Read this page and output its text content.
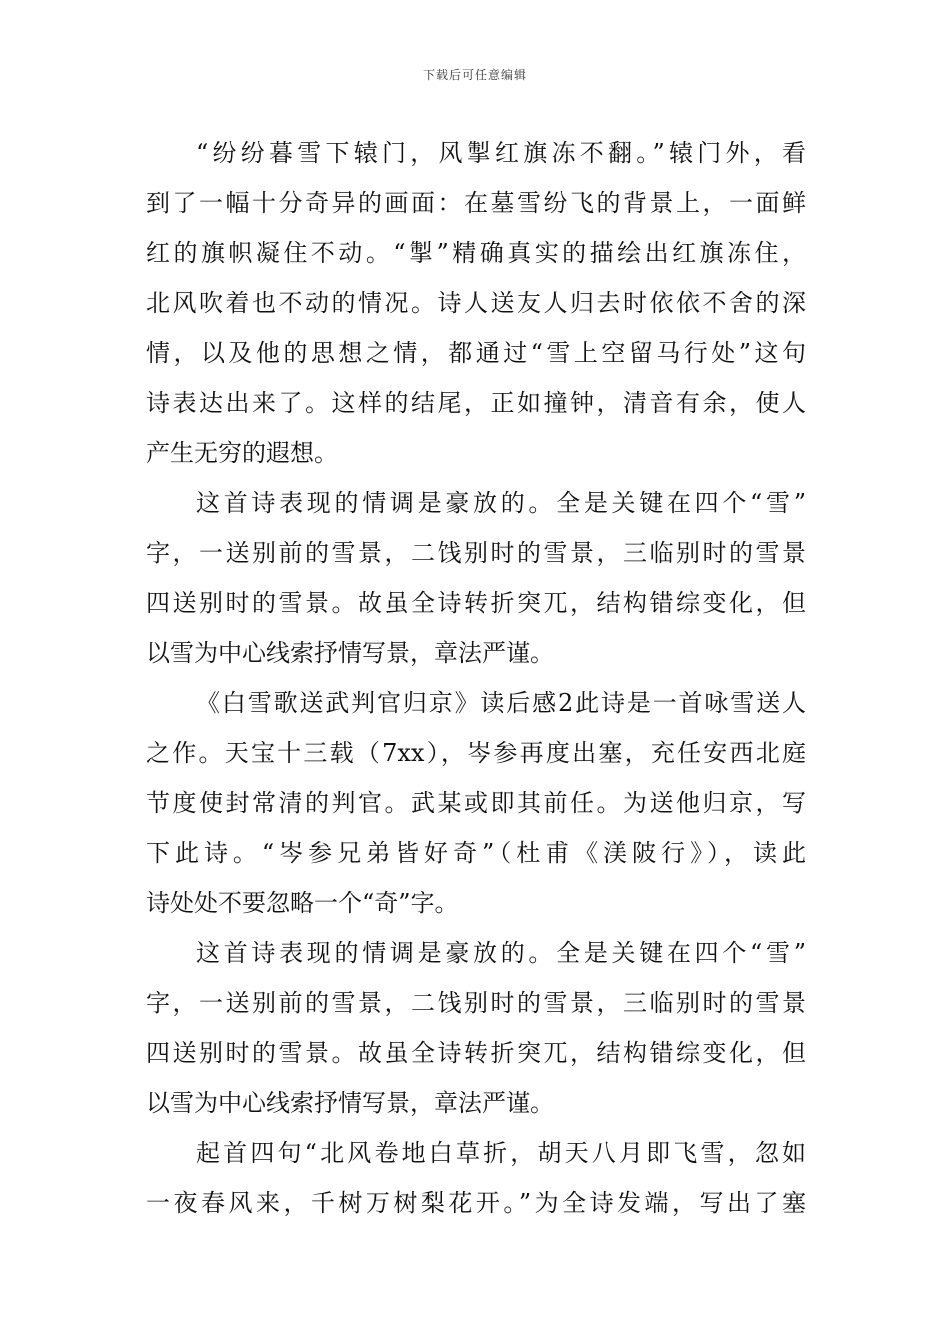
下载后可任意编辑
“纷纷暮雪下辕门，风掣红旗冻不翻。”辕门外，看
到了一幅十分奇异的画面：在墓雪纷飞的背景上，一面鲜
红的旗帜凝住不动。“掣”精确真实的描绘出红旗冻住，
北风吹着也不动的情况。诗人送友人归去时依依不舍的深
情，以及他的思想之情，都通过“雪上空留马行处”这句
诗表达出来了。这样的结尾，正如撞钟，清音有余，使人
产生无穷的遐想。
这首诗表现的情调是豪放的。全是关键在四个“雪”
字，一送别前的雪景，二饯别时的雪景，三临别时的雪景
四送别时的雪景。故虽全诗转折突兀，结构错综变化，但
以雪为中心线索抒情写景，章法严谨。
《白雪歌送武判官归京》读后感2此诗是一首咏雪送人
之作。天宝十三载（7xx），岑参再度出塞，充任安西北庭
节度使封常清的判官。武某或即其前任。为送他归京，写
下此诗。“岑参兄弟皆好奇”（杜甫《渼陂行》），读此
诗处处不要忽略一个“奇”字。
这首诗表现的情调是豪放的。全是关键在四个“雪”
字，一送别前的雪景，二饯别时的雪景，三临别时的雪景
四送别时的雪景。故虽全诗转折突兀，结构错综变化，但
以雪为中心线索抒情写景，章法严谨。
起首四句“北风卷地白草折，胡天八月即飞雪，忽如
一夜春风来，千树万树梨花开。”为全诗发端，写出了塞
